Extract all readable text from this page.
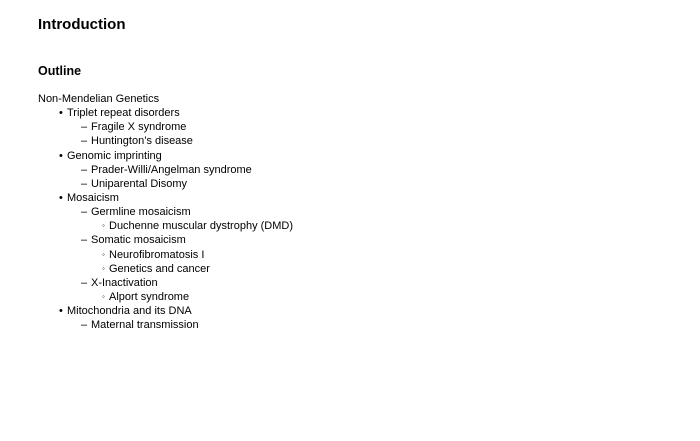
Introduction
Outline
Non-Mendelian Genetics
• Triplet repeat disorders
– Fragile X syndrome
– Huntington’s disease
• Genomic imprinting
– Prader-Willi/Angelman syndrome
– Uniparental Disomy
• Mosaicism
– Germline mosaicism
◦ Duchenne muscular dystrophy (DMD)
– Somatic mosaicism
◦ Neurofibromatosis I
◦ Genetics and cancer
– X-Inactivation
◦ Alport syndrome
• Mitochondria and its DNA
– Maternal transmission
